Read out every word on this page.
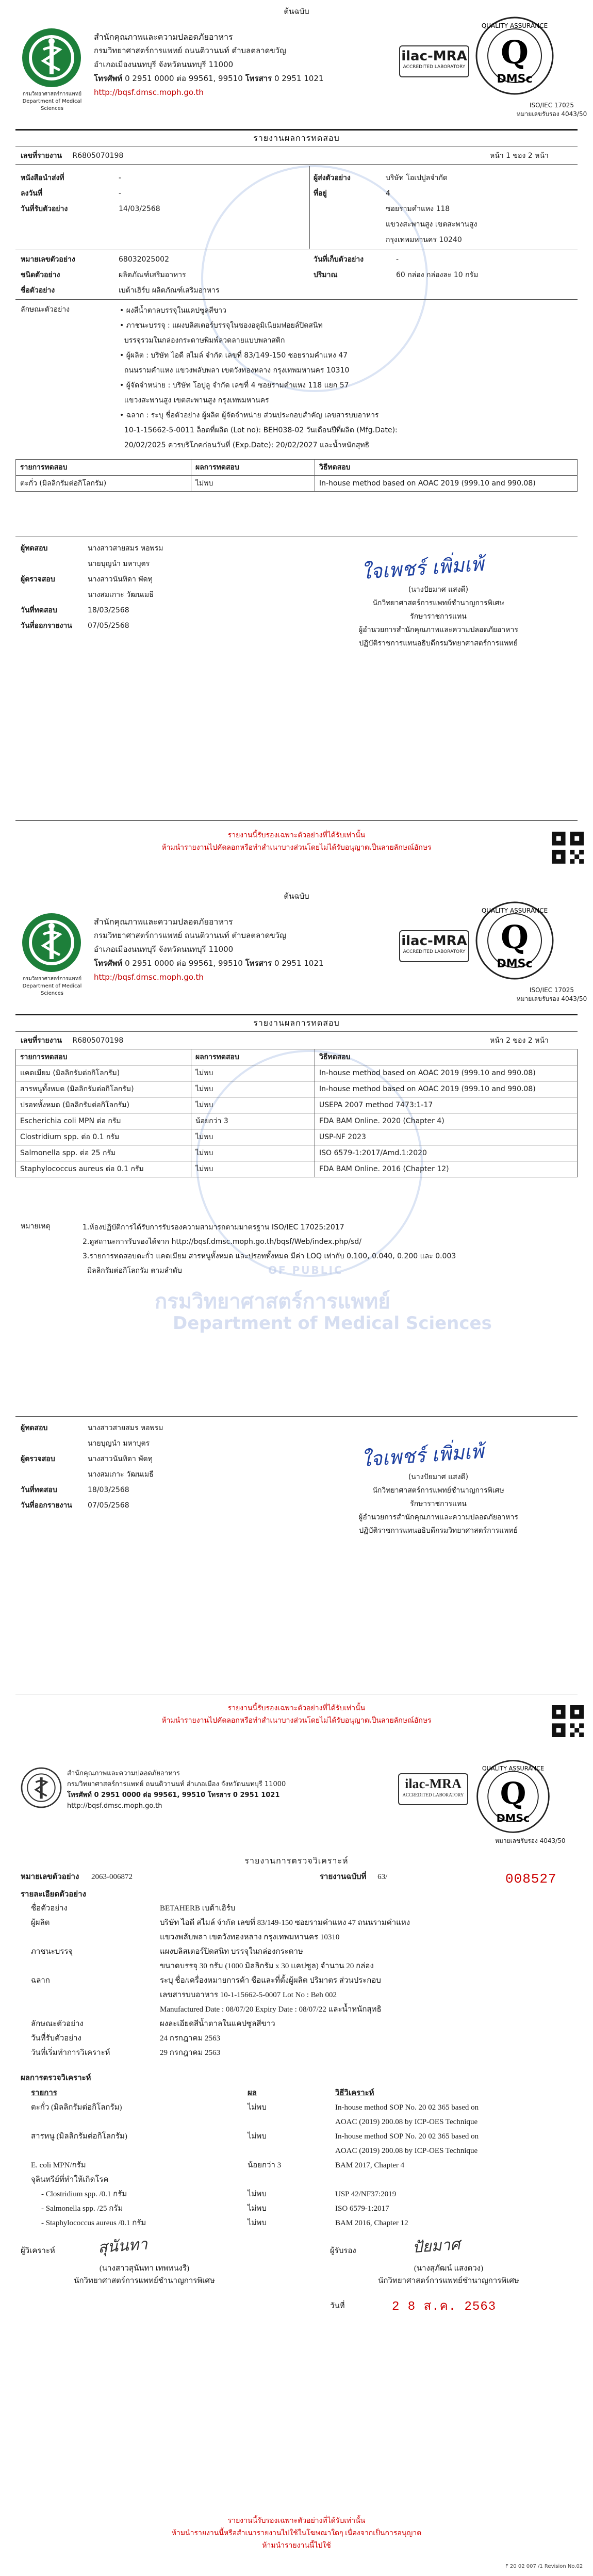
ต้นฉบับ
กรมวิทยาศาสตร์การแพทย์
Department of Medical Sciences
สำนักคุณภาพและความปลอดภัยอาหาร
กรมวิทยาศาสตร์การแพทย์ ถนนติวานนท์ ตำบลตลาดขวัญ
อำเภอเมืองนนทบุรี จังหวัดนนทบุรี 11000
โทรศัพท์ 0 2951 0000 ต่อ 99561, 99510 โทรสาร 0 2951 1021
http://bqsf.dmsc.moph.go.th
ilac-MRA
ACCREDITED LABORATORY
QUALITY ASSURANCE
Q
DMSc
ISO/IEC 17025
หมายเลขรับรอง 4043/50
รายงานผลการทดสอบ
เลขที่รายงาน R6805070198	หน้า 1 ของ 2 หน้า
หนังสือนำส่งที่	-
ลงวันที่	-
วันที่รับตัวอย่าง	14/03/2568
ผู้ส่งตัวอย่าง	บริษัท โอเปปูลจำกัด
ที่อยู่	4
ซอยรามคำแหง 118
แขวงสะพานสูง เขตสะพานสูง
กรุงเทพมหานคร 10240
หมายเลขตัวอย่าง	68032025002
ชนิดตัวอย่าง	ผลิตภัณฑ์เสริมอาหาร
ชื่อตัวอย่าง	เบต้าเฮิร์บ ผลิตภัณฑ์เสริมอาหาร
วันที่เก็บตัวอย่าง	-
ปริมาณ	60 กล่อง กล่องละ 10 กรัม
ลักษณะตัวอย่าง	• ผงสีน้ำตาลบรรจุในแคปซูลสีขาว
• ภาชนะบรรจุ : แผงบลิสเตอร์บรรจุในซองอลูมิเนียมฟอยล์ปิดสนิท
บรรจุรวมในกล่องกระดาษพิมพ์ลวดลายแบบพลาสติก
• ผู้ผลิต : บริษัท ไอดี สไมล์ จำกัด เลขที่ 83/149-150 ซอยรามคำแหง 47
ถนนรามคำแหง แขวงพลับพลา เขตวังทองหลาง กรุงเทพมหานคร 10310
• ผู้จัดจำหน่าย : บริษัท โอปูลู จำกัด เลขที่ 4 ซอยรามคำแหง 118 แยก 57
แขวงสะพานสูง เขตสะพานสูง กรุงเทพมหานคร
• ฉลาก : ระบุ ชื่อตัวอย่าง ผู้ผลิต ผู้จัดจำหน่าย ส่วนประกอบสำคัญ เลขสารบบอาหาร
10-1-15662-5-0011 ล็อตที่ผลิต (Lot no): BEH038-02 วันเดือนปีที่ผลิต (Mfg.Date):
20/02/2025 ควรบริโภคก่อนวันที่ (Exp.Date): 20/02/2027 และน้ำหนักสุทธิ
รายการทดสอบ	ผลการทดสอบ	วิธีทดสอบ
ตะกั่ว (มิลลิกรัมต่อกิโลกรัม)	ไม่พบ	In-house method based on AOAC 2019 (999.10 and 990.08)
ผู้ทดสอบ	นางสาวสายสมร หอพรม
นายบุญนำ มหาบุตร
ผู้ตรวจสอบ	นางสาวนันทิดา พัดทุ
นางสมเกาะ วัฒนเมธี
วันที่ทดสอบ	18/03/2568
วันที่ออกรายงาน 07/05/2568
ใจเพชร์ เพิ่มเพ้
(นางปัยมาศ แสงดี)
นักวิทยาศาสตร์การแพทย์ชำนาญการพิเศษ
รักษาราชการแทน
ผู้อำนวยการสำนักคุณภาพและความปลอดภัยอาหาร
ปฏิบัติราชการแทนอธิบดีกรมวิทยาศาสตร์การแพทย์
รายงานนี้รับรองเฉพาะตัวอย่างที่ได้รับเท่านั้น
ห้ามนำรายงานไปคัดลอกหรือทำสำเนาบางส่วนโดยไม่ได้รับอนุญาตเป็นลายลักษณ์อักษร
ต้นฉบับ
กรมวิทยาศาสตร์การแพทย์
Department of Medical Sciences
สำนักคุณภาพและความปลอดภัยอาหาร
กรมวิทยาศาสตร์การแพทย์ ถนนติวานนท์ ตำบลตลาดขวัญ
อำเภอเมืองนนทบุรี จังหวัดนนทบุรี 11000
โทรศัพท์ 0 2951 0000 ต่อ 99561, 99510 โทรสาร 0 2951 1021
http://bqsf.dmsc.moph.go.th
ilac-MRA
ACCREDITED LABORATORY
QUALITY ASSURANCE
Q
DMSc
ISO/IEC 17025
หมายเลขรับรอง 4043/50
รายงานผลการทดสอบ
เลขที่รายงาน R6805070198	หน้า 2 ของ 2 หน้า
OF PUBLIC
กรมวิทยาศาสตร์การแพทย์
Department of Medical Sciences
รายการทดสอบ	ผลการทดสอบ	วิธีทดสอบ
แคดเมียม (มิลลิกรัมต่อกิโลกรัม)	ไม่พบ	In-house method based on AOAC 2019 (999.10 and 990.08)
สารหนูทั้งหมด (มิลลิกรัมต่อกิโลกรัม)	ไม่พบ	In-house method based on AOAC 2019 (999.10 and 990.08)
ปรอททั้งหมด (มิลลิกรัมต่อกิโลกรัม)	ไม่พบ	USEPA 2007 method 7473:1-17
Escherichia coli MPN ต่อ กรัม	น้อยกว่า 3	FDA BAM Online. 2020 (Chapter 4)
Clostridium spp. ต่อ 0.1 กรัม	ไม่พบ	USP-NF 2023
Salmonella spp. ต่อ 25 กรัม	ไม่พบ	ISO 6579-1:2017/Amd.1:2020
Staphylococcus aureus ต่อ 0.1 กรัม	ไม่พบ	FDA BAM Online. 2016 (Chapter 12)
หมายเหตุ	1.ห้องปฏิบัติการได้รับการรับรองความสามารถตามมาตรฐาน ISO/IEC 17025:2017
2.ดูสถานะการรับรองได้จาก http://bqsf.dmsc.moph.go.th/bqsf/Web/index.php/sd/
3.รายการทดสอบตะกั่ว แคดเมียม สารหนูทั้งหมด และปรอททั้งหมด มีค่า LOQ เท่ากับ 0.100, 0.040, 0.200 และ 0.003
มิลลิกรัมต่อกิโลกรัม ตามลำดับ
ผู้ทดสอบ	นางสาวสายสมร หอพรม
นายบุญนำ มหาบุตร
ผู้ตรวจสอบ	นางสาวนันทิดา พัดทุ
นางสมเกาะ วัฒนเมธี
วันที่ทดสอบ	18/03/2568
วันที่ออกรายงาน 07/05/2568
ใจเพชร์ เพิ่มเพ้
(นางปัยมาศ แสงดี)
นักวิทยาศาสตร์การแพทย์ชำนาญการพิเศษ
รักษาราชการแทน
ผู้อำนวยการสำนักคุณภาพและความปลอดภัยอาหาร
ปฏิบัติราชการแทนอธิบดีกรมวิทยาศาสตร์การแพทย์
รายงานนี้รับรองเฉพาะตัวอย่างที่ได้รับเท่านั้น
ห้ามนำรายงานไปคัดลอกหรือทำสำเนาบางส่วนโดยไม่ได้รับอนุญาตเป็นลายลักษณ์อักษร
สำนักคุณภาพและความปลอดภัยอาหาร
กรมวิทยาศาสตร์การแพทย์ ถนนติวานนท์ อำเภอเมือง จังหวัดนนทบุรี 11000
โทรศัพท์ 0 2951 0000 ต่อ 99561, 99510 โทรสาร 0 2951 1021
http://bqsf.dmsc.moph.go.th
ilac-MRA
ACCREDITED LABORATORY
QUALITY ASSURANCE
Q
DMSc
หมายเลขรับรอง 4043/50
รายงานการตรวจวิเคราะห์
หมายเลขตัวอย่าง 2063-006872	รายงานฉบับที่ 63/	008527
รายละเอียดตัวอย่าง
ชื่อตัวอย่าง	BETAHERB เบต้าเฮิร์บ
ผู้ผลิต	บริษัท ไอดี สไมล์ จำกัด เลขที่ 83/149-150 ซอยรามคำแหง 47 ถนนรามคำแหง
แขวงพลับพลา เขตวังทองหลาง กรุงเทพมหานคร 10310
ภาชนะบรรจุ	แผงบลิสเตอร์ปิดสนิท บรรจุในกล่องกระดาษ
ขนาดบรรจุ 30 กรัม (1000 มิลลิกรัม x 30 แคปซูล) จำนวน 20 กล่อง
ฉลาก	ระบุ ชื่อ/เครื่องหมายการค้า ชื่อและที่ตั้งผู้ผลิต ปริมาตร ส่วนประกอบ
เลขสารบบอาหาร 10-1-15662-5-0007 Lot No : Beh 002
Manufactured Date : 08/07/20 Expiry Date : 08/07/22 และน้ำหนักสุทธิ
ลักษณะตัวอย่าง	ผงละเอียดสีน้ำตาลในแคปซูลสีขาว
วันที่รับตัวอย่าง	24 กรกฎาคม 2563
วันที่เริ่มทำการวิเคราะห์	29 กรกฎาคม 2563
ผลการตรวจวิเคราะห์
รายการ	ผล	วิธีวิเคราะห์
ตะกั่ว (มิลลิกรัมต่อกิโลกรัม)	ไม่พบ	In-house method SOP No. 20 02 365 based on
AOAC (2019) 200.08 by ICP-OES Technique
สารหนู (มิลลิกรัมต่อกิโลกรัม)	ไม่พบ	In-house method SOP No. 20 02 365 based on
AOAC (2019) 200.08 by ICP-OES Technique
E. coli MPN/กรัม	น้อยกว่า 3	BAM 2017, Chapter 4
จุลินทรีย์ที่ทำให้เกิดโรค
- Clostridium spp. /0.1 กรัม	ไม่พบ	USP 42/NF37:2019
- Salmonella spp. /25 กรัม	ไม่พบ	ISO 6579-1:2017
- Staphylococcus aureus /0.1 กรัม	ไม่พบ	BAM 2016, Chapter 12
ผู้วิเคราะห์	สุนันทา
(นางสาวสุนันทา เทพทนงรี)
นักวิทยาศาสตร์การแพทย์ชำนาญการพิเศษ
ผู้รับรอง	ปัยมาศ
(นางสุภัฒน์ แสงดวง)
นักวิทยาศาสตร์การแพทย์ชำนาญการพิเศษ
วันที่	2 8 ส.ค. 2563
รายงานนี้รับรองเฉพาะตัวอย่างที่ได้รับเท่านั้น
ห้ามนำรายงานนี้หรือสำเนารายงานไปใช้ในโฆษณาใดๆ เนื่องจากเป็นการอนุญาต
ห้ามนำรายงานนี้ไปใช้
F 20 02 007 /1 Revision No.02
